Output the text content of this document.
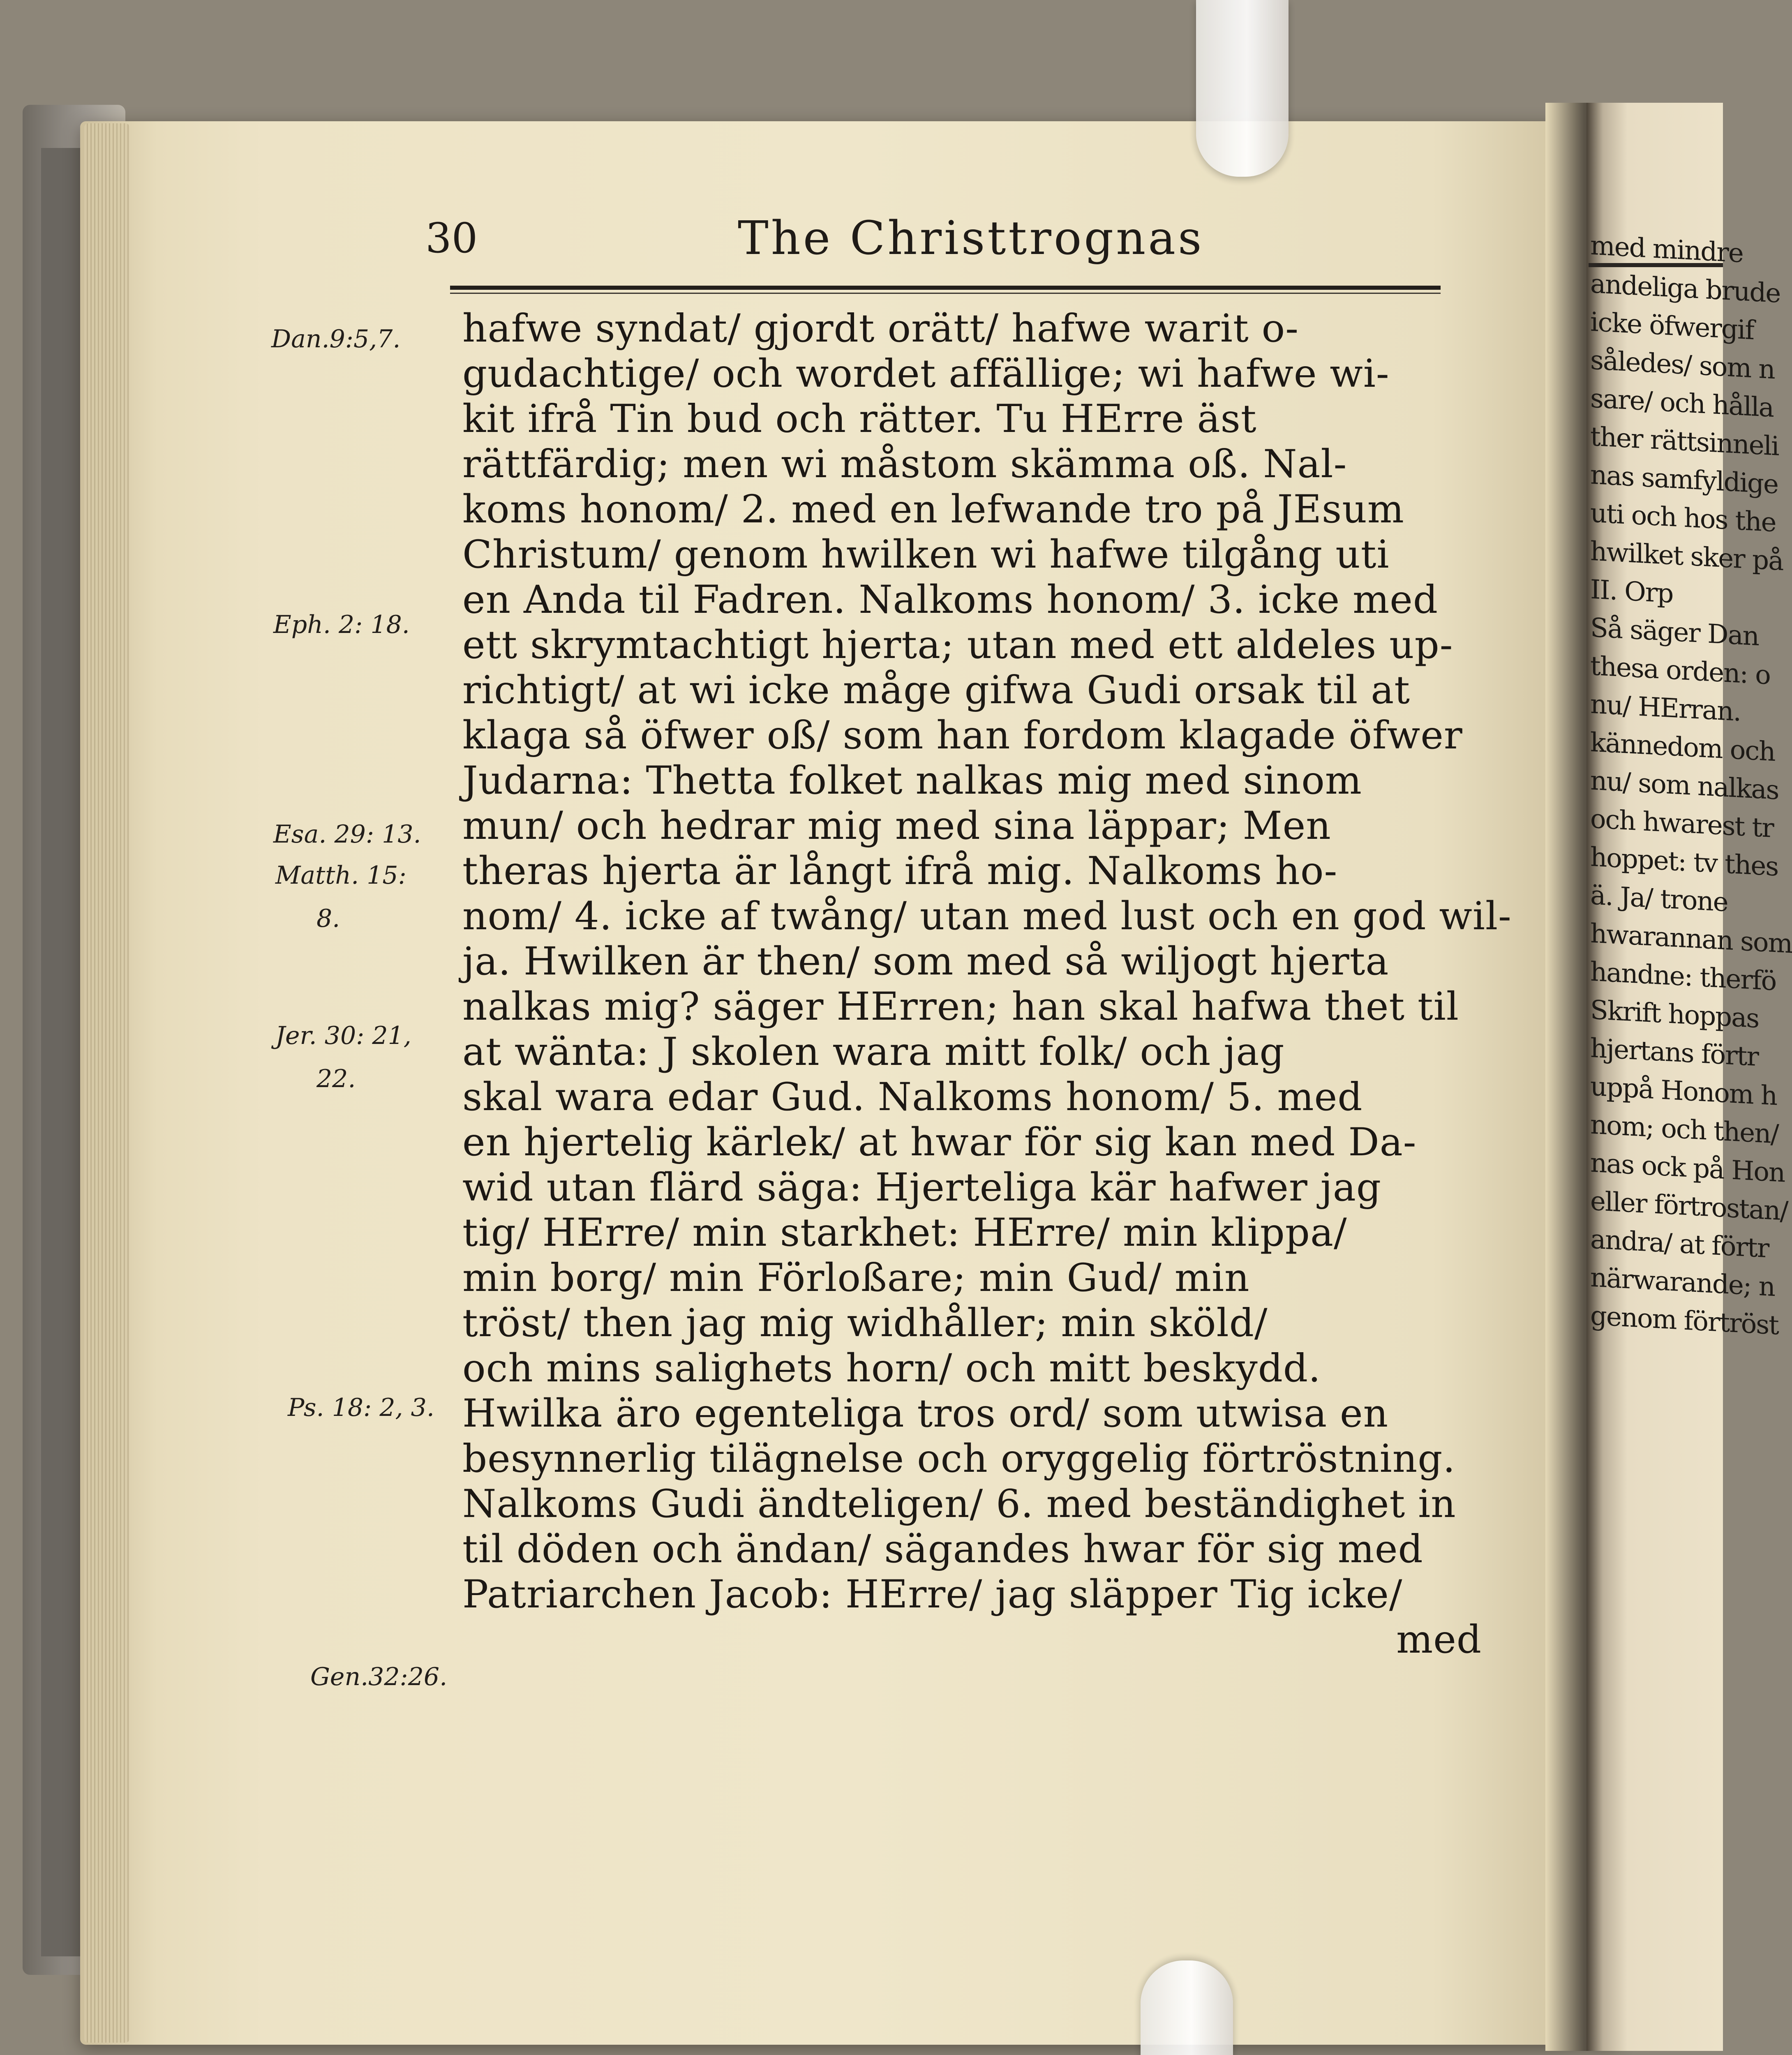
med mindre
andeliga brude
icke öfwergif
således/ som n
sare/ och hålla
ther rättsinneli
nas samfyldige
uti och hos the
hwilket sker på
II. Orp
Så säger Dan
thesa orden: o
nu/ HErran.
kännedom och
nu/ som nalkas
och hwarest tr
hoppet: tv thes
ä. Ja/ trone
hwarannan som
handne: therfö
Skrift hoppas
hjertans förtr
uppå Honom h
nom; och then/
nas ock på Hon
eller förtrostan/
andra/ at förtr
närwarande; n
genom förtröst
30	The Christtrognas
hafwe syndat/ gjordt orätt/ hafwe warit o-
gudachtige/ och wordet affällige; wi hafwe wi-
kit ifrå Tin bud och rätter. Tu HErre äst
rättfärdig; men wi måstom skämma oß. Nal-
koms honom/ 2. med en lefwande tro på JEsum
Christum/ genom hwilken wi hafwe tilgång uti
en Anda til Fadren. Nalkoms honom/ 3. icke med
ett skrymtachtigt hjerta; utan med ett aldeles up-
richtigt/ at wi icke måge gifwa Gudi orsak til at
klaga så öfwer oß/ som han fordom klagade öfwer
Judarna: Thetta folket nalkas mig med sinom
mun/ och hedrar mig med sina läppar; Men
theras hjerta är långt ifrå mig. Nalkoms ho-
nom/ 4. icke af twång/ utan med lust och en god wil-
ja. Hwilken är then/ som med så wiljogt hjerta
nalkas mig? säger HErren; han skal hafwa thet til
at wänta: J skolen wara mitt folk/ och jag
skal wara edar Gud. Nalkoms honom/ 5. med
en hjertelig kärlek/ at hwar för sig kan med Da-
wid utan flärd säga: Hjerteliga kär hafwer jag
tig/ HErre/ min starkhet: HErre/ min klippa/
min borg/ min Förloßare; min Gud/ min
tröst/ then jag mig widhåller; min sköld/
och mins salighets horn/ och mitt beskydd.
Hwilka äro egenteliga tros ord/ som utwisa en
besynnerlig tilägnelse och oryggelig förtröstning.
Nalkoms Gudi ändteligen/ 6. med beständighet in
til döden och ändan/ sägandes hwar för sig med
Patriarchen Jacob: HErre/ jag släpper Tig icke/
med
Dan.9:5,7.
Eph. 2: 18.
Esa. 29: 13.
Matth. 15:
8.
Jer. 30: 21,
22.
Ps. 18: 2, 3.
Gen.32:26.
